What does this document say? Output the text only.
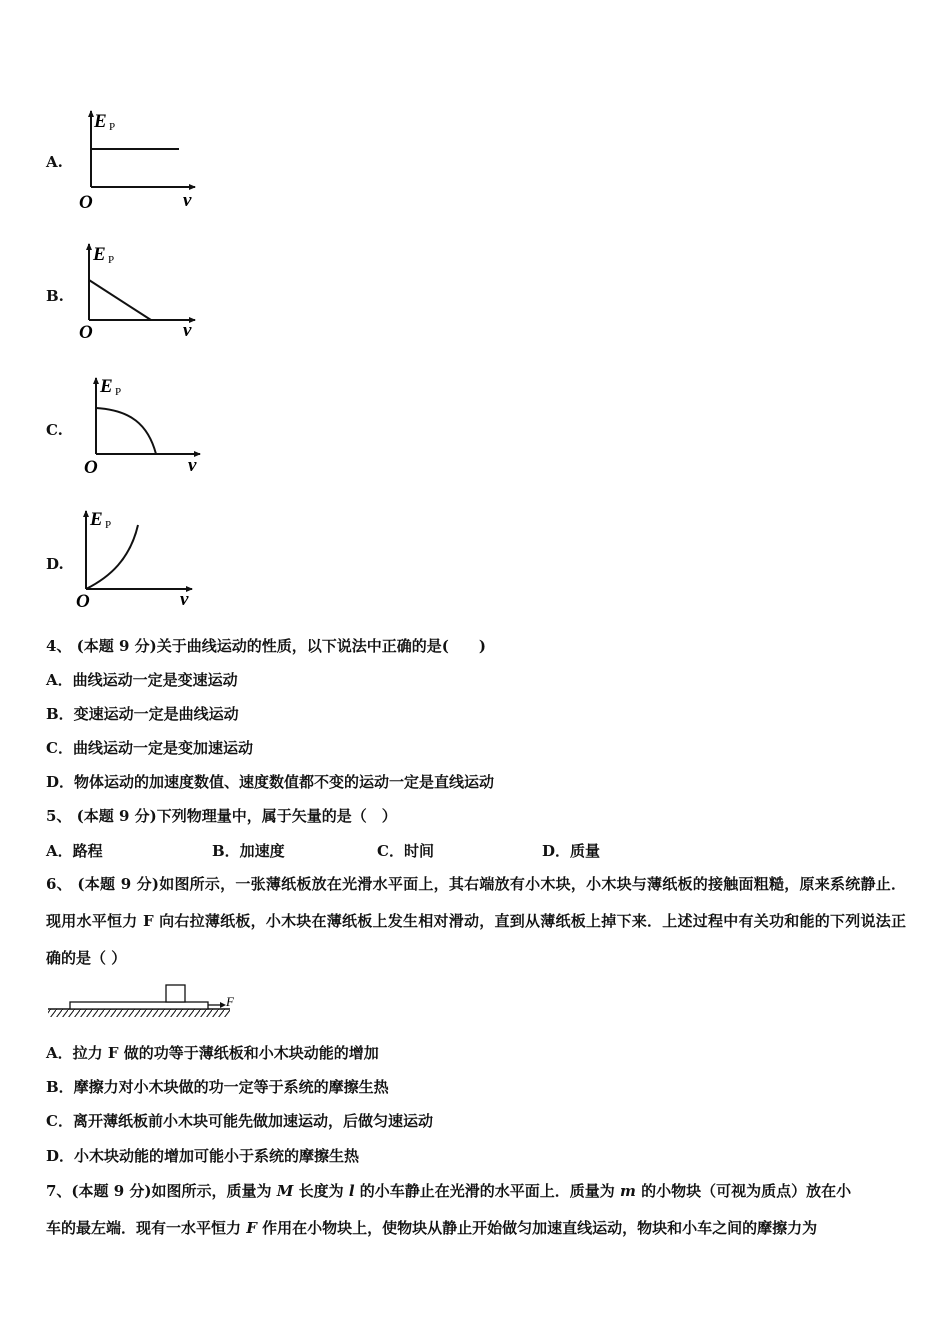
A.
E P
O	v
B.
E P
O	v
C.
E P
O	v
D.
E P
O	v
4、 (本题 9 分)关于曲线运动的性质，以下说法中正确的是(　　)
A．曲线运动一定是变速运动
B．变速运动一定是曲线运动
C．曲线运动一定是变加速运动
D．物体运动的加速度数值、速度数值都不变的运动一定是直线运动
5、 (本题 9 分)下列物理量中，属于矢量的是（　）
A．路程	B．加速度	C．时间	D．质量
6、 (本题 9 分)如图所示，一张薄纸板放在光滑水平面上，其右端放有小木块，小木块与薄纸板的接触面粗糙，原来系统静止．现用水平恒力 F 向右拉薄纸板，小木块在薄纸板上发生相对滑动，直到从薄纸板上掉下来．上述过程中有关功和能的下列说法正确的是（ ）
F
A．拉力 F 做的功等于薄纸板和小木块动能的增加
B．摩擦力对小木块做的功一定等于系统的摩擦生热
C．离开薄纸板前小木块可能先做加速运动，后做匀速运动
D．小木块动能的增加可能小于系统的摩擦生热
7、(本题 9 分)如图所示，质量为 M 长度为 l 的小车静止在光滑的水平面上．质量为 m 的小物块（可视为质点）放在小
车的最左端．现有一水平恒力 F 作用在小物块上，使物块从静止开始做匀加速直线运动，物块和小车之间的摩擦力为
